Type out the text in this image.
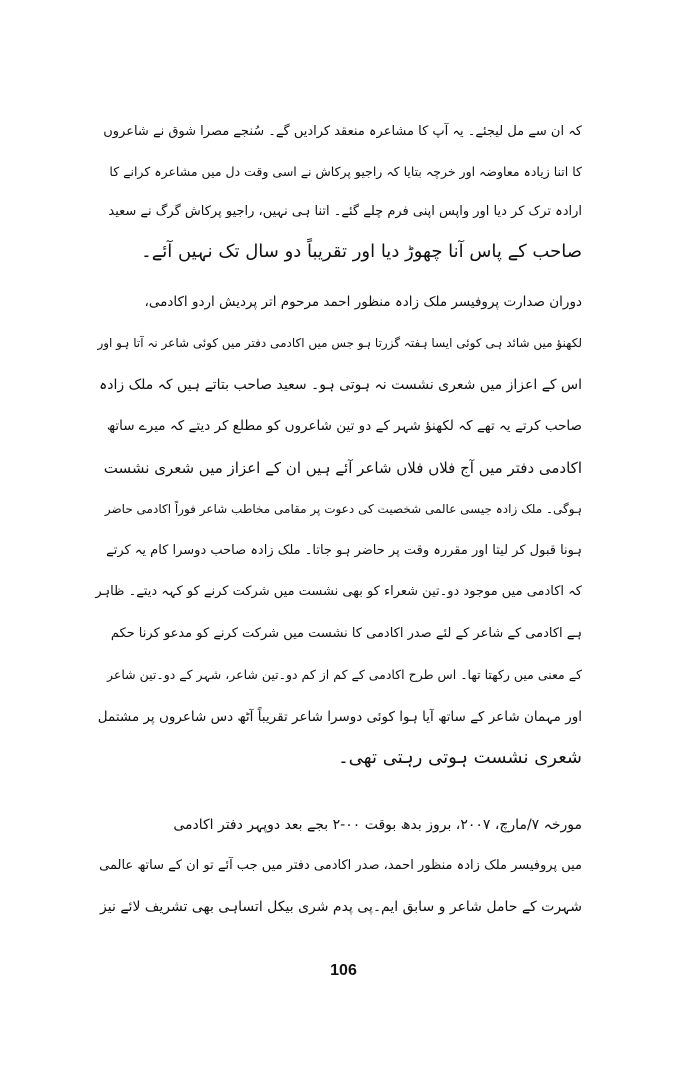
کہ ان سے مل لیجئے۔ یہ آپ کا مشاعرہ منعقد کرادیں گے۔ سُنجے مصرا شوق نے شاعروں
کا اتنا زیادہ معاوضہ اور خرچہ بتایا کہ راجیو پرکاش نے اسی وقت دل میں مشاعرہ کرانے کا
ارادہ ترک کر دیا اور واپس اپنی فرم چلے گئے۔ اتنا ہی نہیں، راجیو پرکاش گرگ نے سعید
صاحب کے پاس آنا چھوڑ دیا اور تقریباً دو سال تک نہیں آئے۔
دوران صدارت پروفیسر ملک زادہ منظور احمد مرحوم اتر پردیش اردو اکادمی،
لکھنؤ میں شائد ہی کوئی ایسا ہفتہ گزرتا ہو جس میں اکادمی دفتر میں کوئی شاعر نہ آتا ہو اور
اس کے اعزاز میں شعری نشست نہ ہوتی ہو۔ سعید صاحب بتاتے ہیں کہ ملک زادہ
صاحب کرتے یہ تھے کہ لکھنؤ شہر کے دو تین شاعروں کو مطلع کر دیتے کہ میرے ساتھ
اکادمی دفتر میں آج فلاں فلاں شاعر آئے ہیں ان کے اعزاز میں شعری نشست
ہوگی۔ ملک زادہ جیسی عالمی شخصیت کی دعوت پر مقامی مخاطب شاعر فوراً اکادمی حاضر
ہونا قبول کر لیتا اور مقررہ وقت پر حاضر ہو جاتا۔ ملک زادہ صاحب دوسرا کام یہ کرتے
کہ اکادمی میں موجود دو۔تین شعراء کو بھی نشست میں شرکت کرنے کو کہہ دیتے۔ ظاہر
ہے اکادمی کے شاعر کے لئے صدر اکادمی کا نشست میں شرکت کرنے کو مدعو کرنا حکم
کے معنی میں رکھتا تھا۔ اس طرح اکادمی کے کم از کم دو۔تین شاعر، شہر کے دو۔تین شاعر
اور مہمان شاعر کے ساتھ آیا ہوا کوئی دوسرا شاعر تقریباً آٹھ دس شاعروں پر مشتمل
شعری نشست ہوتی رہتی تھی۔
مورخہ ۷/مارچ، ۲۰۰۷، بروز بدھ بوقت ۰۰-۲ بجے بعد دوپہر دفتر اکادمی
میں پروفیسر ملک زادہ منظور احمد، صدر اکادمی دفتر میں جب آئے تو ان کے ساتھ عالمی
شہرت کے حامل شاعر و سابق ایم۔پی پدم شری بیکل اتساہی بھی تشریف لائے نیز
106
